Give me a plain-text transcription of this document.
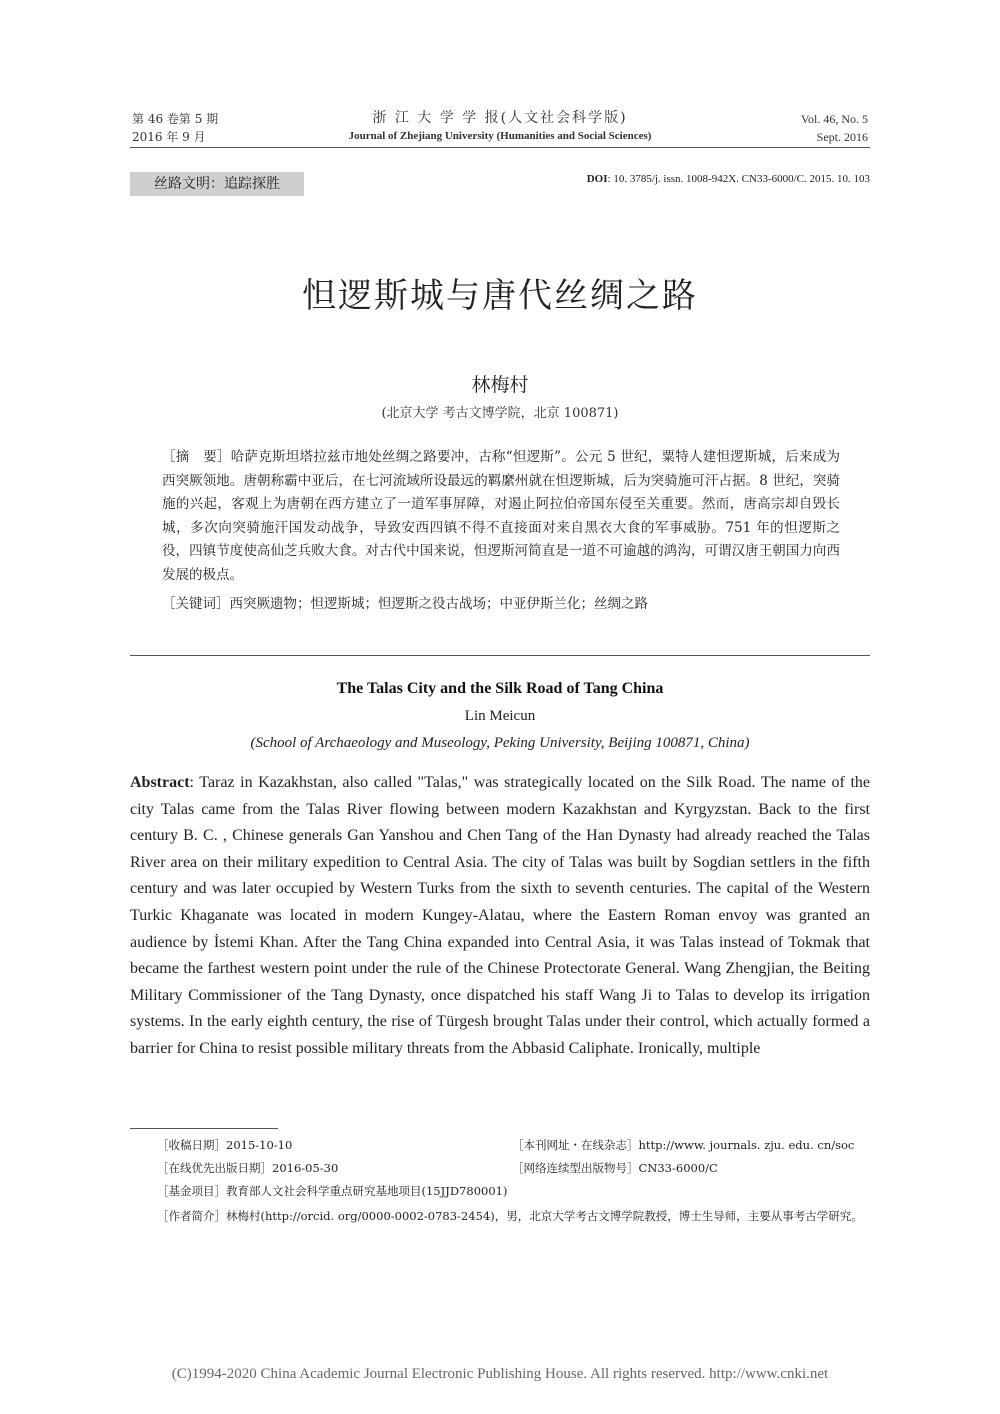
第 46 卷第 5 期
2016 年 9 月
浙 江 大 学 学 报(人文社会科学版)
Journal of Zhejiang University (Humanities and Social Sciences)
Vol. 46, No. 5
Sept. 2016
丝路文明：追踪探胜	DOI: 10. 3785/j. issn. 1008-942X. CN33-6000/C. 2015. 10. 103
怛逻斯城与唐代丝绸之路
林梅村
(北京大学 考古文博学院，北京 100871)
［摘　要］哈萨克斯坦塔拉兹市地处丝绸之路要冲，古称“怛逻斯”。公元 5 世纪，粟特人建怛逻斯城，后来成为西突厥领地。唐朝称霸中亚后，在七河流域所设最远的羁縻州就在怛逻斯城，后为突骑施可汗占据。8 世纪，突骑施的兴起，客观上为唐朝在西方建立了一道军事屏障，对遏止阿拉伯帝国东侵至关重要。然而，唐高宗却自毁长城，多次向突骑施汗国发动战争，导致安西四镇不得不直接面对来自黑衣大食的军事威胁。751 年的怛逻斯之役，四镇节度使高仙芝兵败大食。对古代中国来说，怛逻斯河简直是一道不可逾越的鸿沟，可谓汉唐王朝国力向西发展的极点。
［关键词］西突厥遗物；怛逻斯城；怛逻斯之役古战场；中亚伊斯兰化；丝绸之路
The Talas City and the Silk Road of Tang China
Lin Meicun
(School of Archaeology and Museology, Peking University, Beijing 100871, China)
Abstract: Taraz in Kazakhstan, also called "Talas," was strategically located on the Silk Road. The name of the city Talas came from the Talas River flowing between modern Kazakhstan and Kyrgyzstan. Back to the first century B. C. , Chinese generals Gan Yanshou and Chen Tang of the Han Dynasty had already reached the Talas River area on their military expedition to Central Asia. The city of Talas was built by Sogdian settlers in the fifth century and was later occupied by Western Turks from the sixth to seventh centuries. The capital of the Western Turkic Khaganate was located in modern Kungey-Alatau, where the Eastern Roman envoy was granted an audience by İstemi Khan. After the Tang China expanded into Central Asia, it was Talas instead of Tokmak that became the farthest western point under the rule of the Chinese Protectorate General. Wang Zhengjian, the Beiting Military Commissioner of the Tang Dynasty, once dispatched his staff Wang Ji to Talas to develop its irrigation systems. In the early eighth century, the rise of Türgesh brought Talas under their control, which actually formed a barrier for China to resist possible military threats from the Abbasid Caliphate. Ironically, multiple
［收稿日期］2015-10-10	［本刊网址・在线杂志］http://www. journals. zju. edu. cn/soc
［在线优先出版日期］2016-05-30	［网络连续型出版物号］CN33-6000/C
［基金项目］教育部人文社会科学重点研究基地项目(15JJD780001)
［作者简介］林梅村(http://orcid. org/0000-0002-0783-2454)，男，北京大学考古文博学院教授，博士生导师，主要从事考古学研究。
(C)1994-2020 China Academic Journal Electronic Publishing House. All rights reserved. http://www.cnki.net
